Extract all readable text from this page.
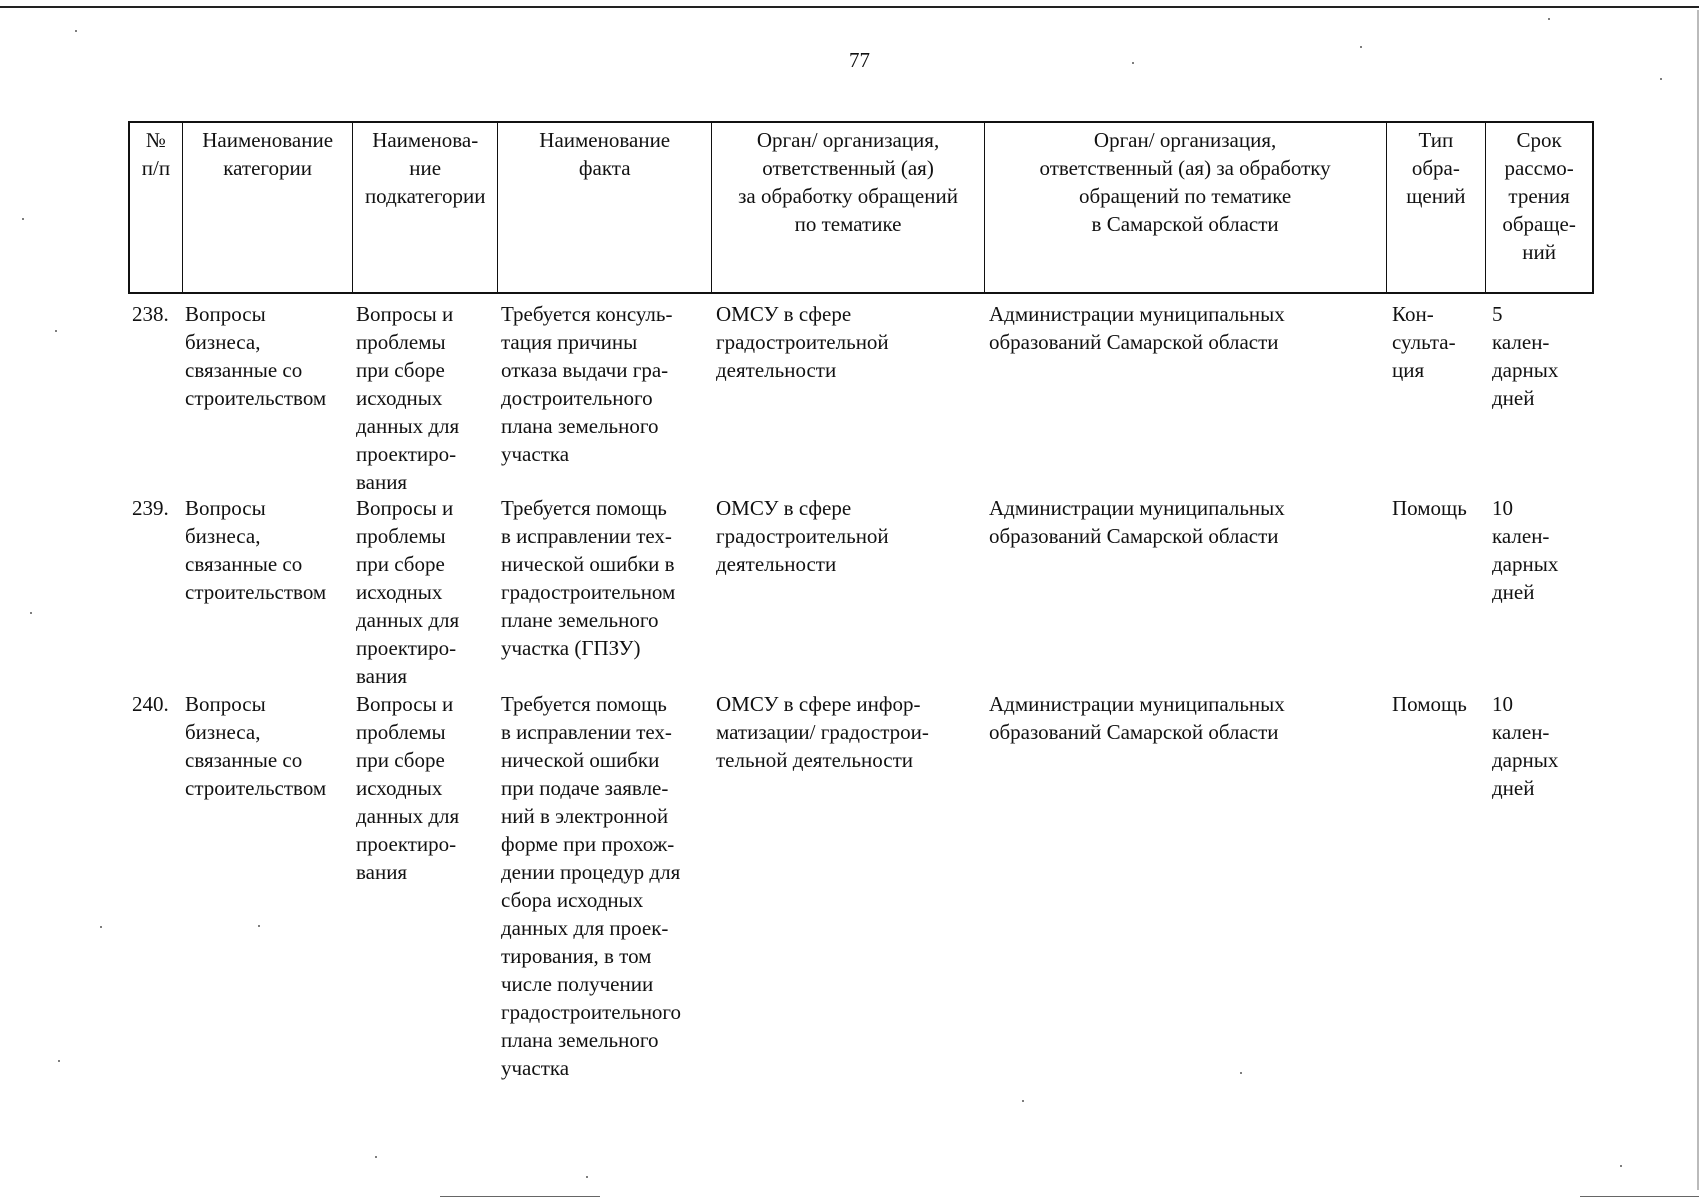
77
№
п/п
Наименование
категории
Наименова-
ние
подкатегории
Наименование
факта
Орган/ организация,
ответственный (ая)
за обработку обращений
по тематике
Орган/ организация,
ответственный (ая) за обработку
обращений по тематике
в Самарской области
Тип
обра-
щений
Срок
рассмо-
трения
обраще-
ний
238. Вопросы
бизнеса,
связанные со
строительством
Вопросы и
проблемы
при сборе
исходных
данных для
проектиро-
вания
Требуется консуль-
тация причины
отказа выдачи гра-
достроительного
плана земельного
участка
ОМСУ в сфере
градостроительной
деятельности
Администрации муниципальных
образований Самарской области
Кон-
сульта-
ция
5
кален-
дарных
дней
239. Вопросы
бизнеса,
связанные со
строительством
Вопросы и
проблемы
при сборе
исходных
данных для
проектиро-
вания
Требуется помощь
в исправлении тех-
нической ошибки в
градостроительном
плане земельного
участка (ГПЗУ)
ОМСУ в сфере
градостроительной
деятельности
Администрации муниципальных
образований Самарской области
Помощь	10
кален-
дарных
дней
240. Вопросы
бизнеса,
связанные со
строительством
Вопросы и
проблемы
при сборе
исходных
данных для
проектиро-
вания
Требуется помощь
в исправлении тех-
нической ошибки
при подаче заявле-
ний в электронной
форме при прохож-
дении процедур для
сбора исходных
данных для проек-
тирования, в том
числе получении
градостроительного
плана земельного
участка
ОМСУ в сфере инфор-
матизации/ градострои-
тельной деятельности
Администрации муниципальных
образований Самарской области
Помощь	10
кален-
дарных
дней
